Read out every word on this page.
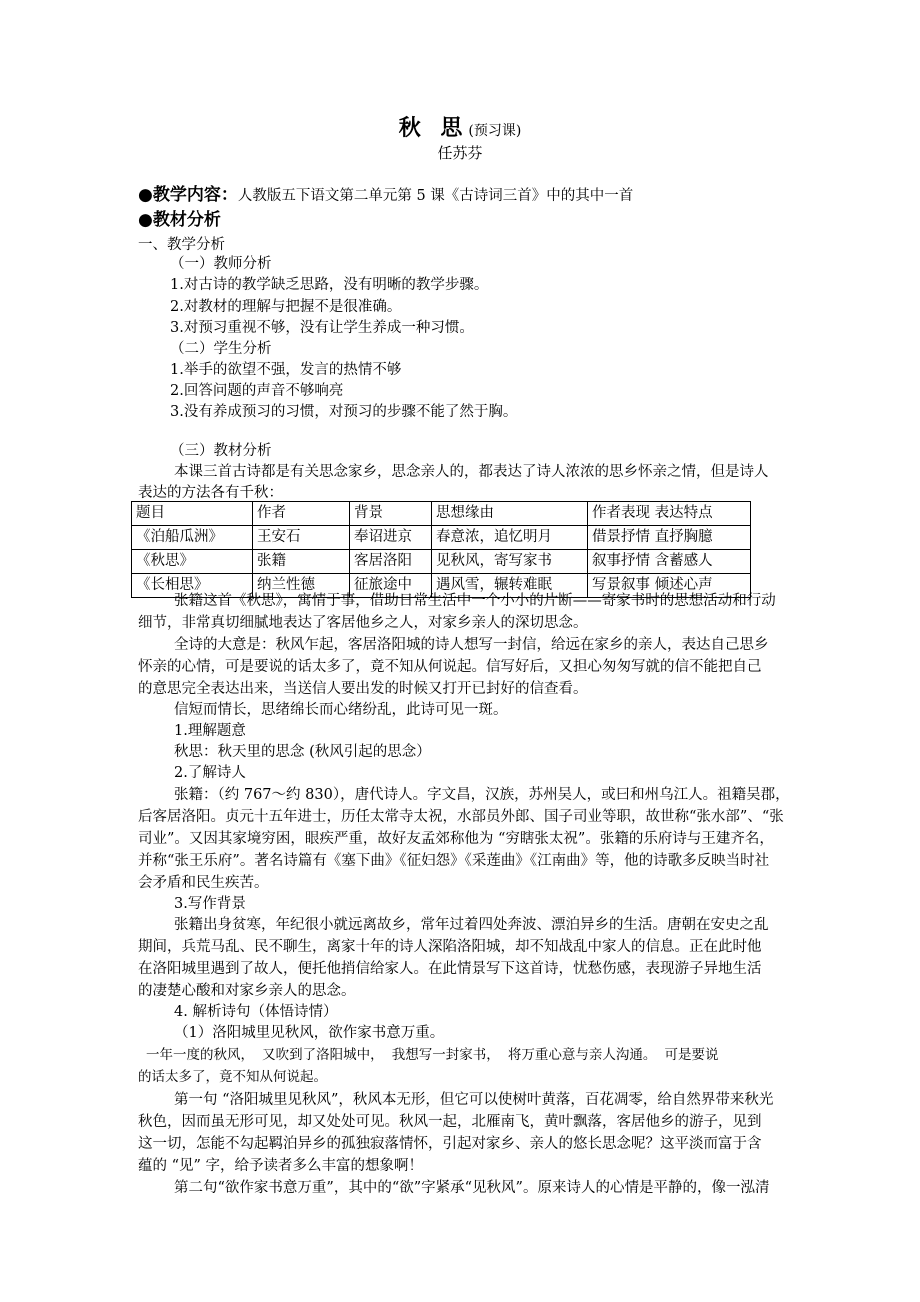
秋 思(预习课)
任苏芬
●教学内容：人教版五下语文第二单元第 5 课《古诗词三首》中的其中一首
●教材分析
一、教学分析
（一）教师分析
1.对古诗的教学缺乏思路，没有明晰的教学步骤。
2.对教材的理解与把握不是很准确。
3.对预习重视不够，没有让学生养成一种习惯。
（二）学生分析
1.举手的欲望不强，发言的热情不够
2.回答问题的声音不够响亮
3.没有养成预习的习惯，对预习的步骤不能了然于胸。
（三）教材分析
本课三首古诗都是有关思念家乡，思念亲人的，都表达了诗人浓浓的思乡怀亲之情，但是诗人
表达的方法各有千秋：
题目	作者	背景	思想缘由	作者表现 表达特点
《泊船瓜洲》	王安石	奉诏进京	春意浓，追忆明月	借景抒情 直抒胸臆
《秋思》	张籍	客居洛阳	见秋风，寄写家书	叙事抒情 含蓄感人
《长相思》	纳兰性德	征旅途中	遇风雪，辗转难眠	写景叙事 倾述心声
张籍这首《秋思》，寓情于事，借助日常生活中一个小小的片断——寄家书时的思想活动和行动
细节，非常真切细腻地表达了客居他乡之人，对家乡亲人的深切思念。
全诗的大意是：秋风乍起，客居洛阳城的诗人想写一封信，给远在家乡的亲人，表达自己思乡
怀亲的心情，可是要说的话太多了，竟不知从何说起。信写好后，又担心匆匆写就的信不能把自己
的意思完全表达出来，当送信人要出发的时候又打开已封好的信查看。
信短而情长，思绪绵长而心绪纷乱，此诗可见一斑。
1.理解题意
秋思：秋天里的思念 (秋风引起的思念）
2.了解诗人
张籍：（约 767～约 830），唐代诗人。字文昌，汉族，苏州吴人，或曰和州乌江人。祖籍吴郡，
后客居洛阳。贞元十五年进士，历任太常寺太祝，水部员外郎、国子司业等职，故世称“张水部”、“张
司业”。又因其家境穷困，眼疾严重，故好友孟郊称他为 “穷瞎张太祝”。张籍的乐府诗与王建齐名，
并称“张王乐府”。著名诗篇有《塞下曲》《征妇怨》《采莲曲》《江南曲》等，他的诗歌多反映当时社
会矛盾和民生疾苦。
3.写作背景
张籍出身贫寒，年纪很小就远离故乡，常年过着四处奔波、漂泊异乡的生活。唐朝在安史之乱
期间，兵荒马乱、民不聊生，离家十年的诗人深陷洛阳城，却不知战乱中家人的信息。正在此时他
在洛阳城里遇到了故人，便托他捎信给家人。在此情景写下这首诗，忧愁伤感，表现游子异地生活
的凄楚心酸和对家乡亲人的思念。
4. 解析诗句（体悟诗情）
（1）洛阳城里见秋风，欲作家书意万重。
一年一度的秋风， 又吹到了洛阳城中， 我想写一封家书， 将万重心意与亲人沟通。 可是要说
的话太多了，竟不知从何说起。
第一句 “洛阳城里见秋风”，秋风本无形，但它可以使树叶黄落，百花凋零，给自然界带来秋光
秋色，因而虽无形可见，却又处处可见。秋风一起，北雁南飞，黄叶飘落，客居他乡的游子，见到
这一切，怎能不勾起羁泊异乡的孤独寂落情怀，引起对家乡、亲人的悠长思念呢？这平淡而富于含
蕴的 “见” 字，给予读者多么丰富的想象啊！
第二句“欲作家书意万重”，其中的“欲”字紧承“见秋风”。原来诗人的心情是平静的，像一泓清
